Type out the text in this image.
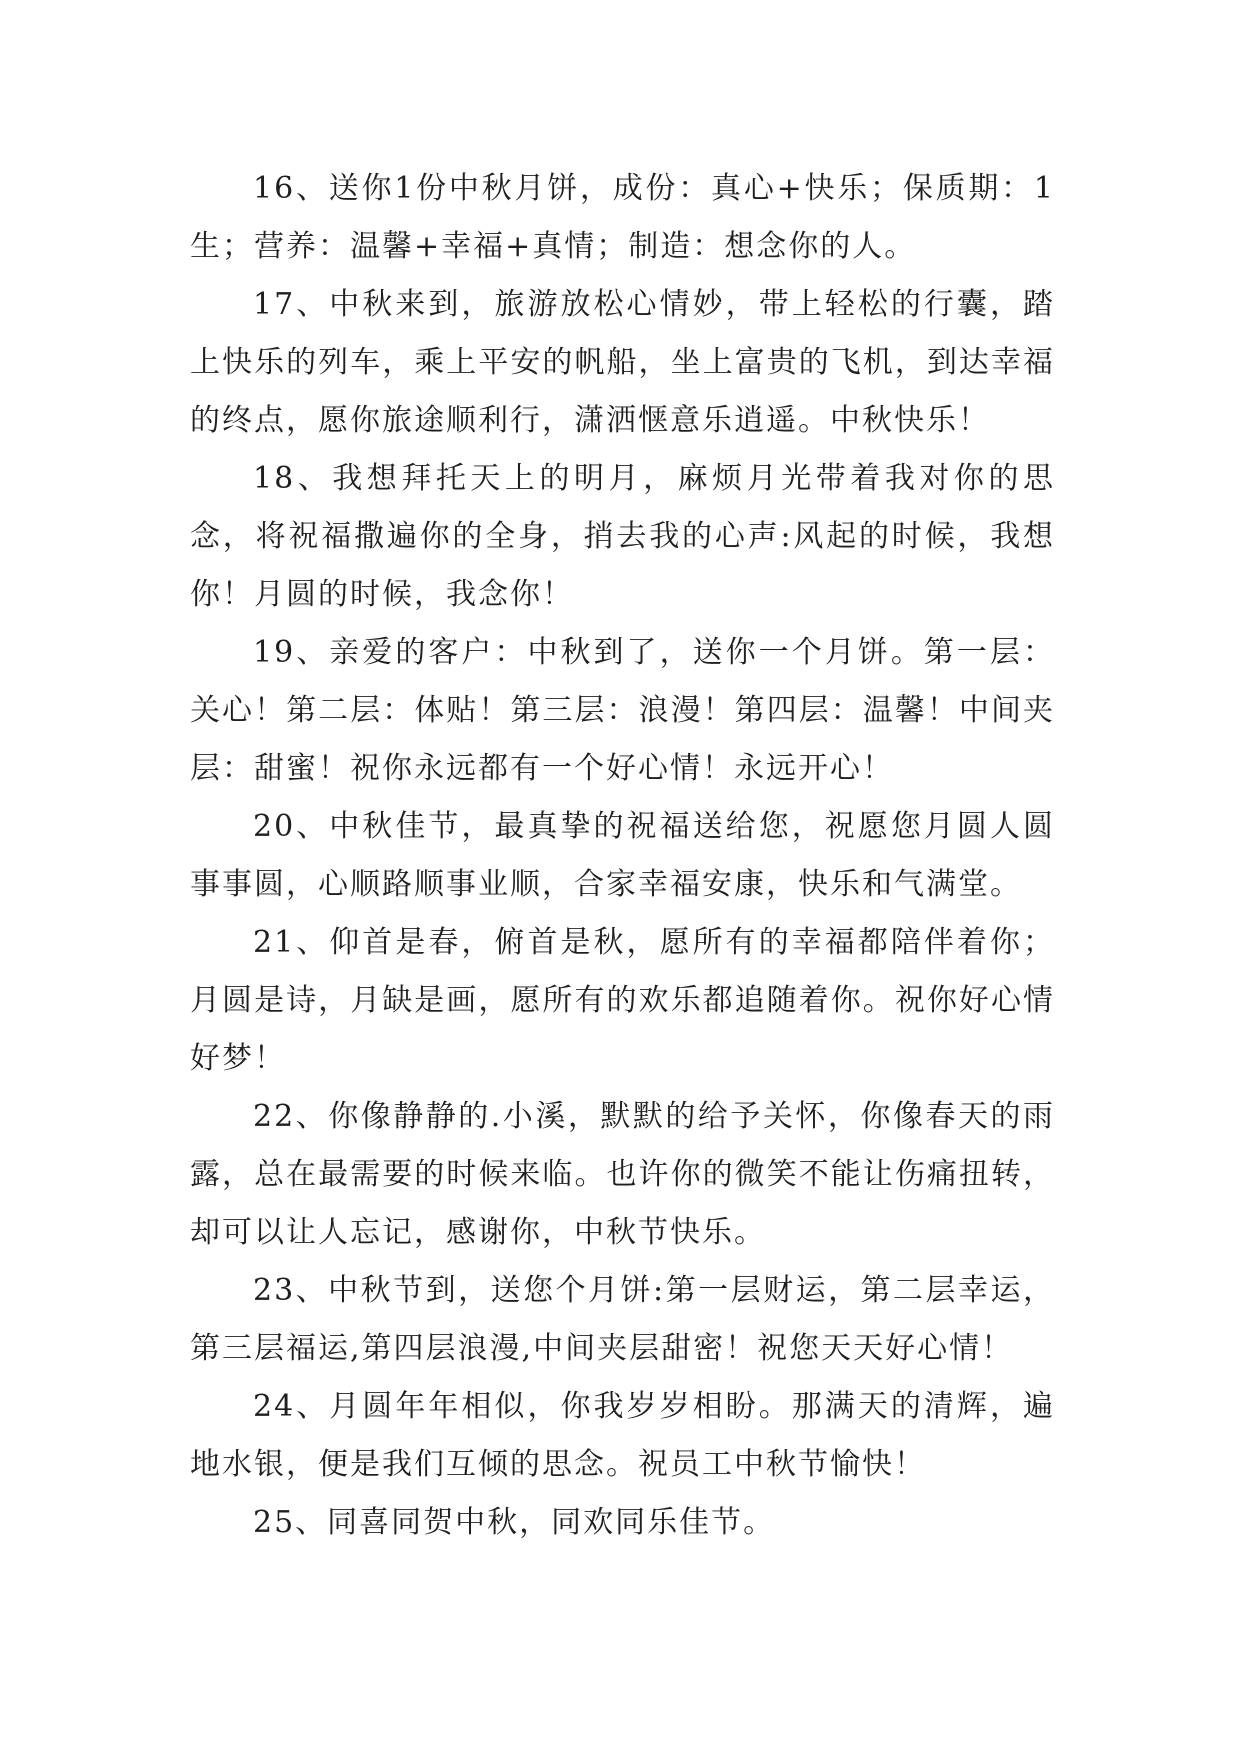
16、送你1份中秋月饼，成份：真心+快乐；保质期：1生；营养：温馨+幸福+真情；制造：想念你的人。

17、中秋来到，旅游放松心情妙，带上轻松的行囊，踏上快乐的列车，乘上平安的帆船，坐上富贵的飞机，到达幸福的终点，愿你旅途顺利行，潇洒惬意乐逍遥。中秋快乐！

18、我想拜托天上的明月，麻烦月光带着我对你的思念，将祝福撒遍你的全身，捎去我的心声:风起的时候，我想你！月圆的时候，我念你！

19、亲爱的客户：中秋到了，送你一个月饼。第一层：关心！第二层：体贴！第三层：浪漫！第四层：温馨！中间夹层：甜蜜！祝你永远都有一个好心情！永远开心！

20、中秋佳节，最真挚的祝福送给您，祝愿您月圆人圆事事圆，心顺路顺事业顺，合家幸福安康，快乐和气满堂。

21、仰首是春，俯首是秋，愿所有的幸福都陪伴着你；月圆是诗，月缺是画，愿所有的欢乐都追随着你。祝你好心情好梦！

22、你像静静的.小溪，默默的给予关怀，你像春天的雨露，总在最需要的时候来临。也许你的微笑不能让伤痛扭转，却可以让人忘记，感谢你，中秋节快乐。

23、中秋节到，送您个月饼:第一层财运，第二层幸运，第三层福运,第四层浪漫,中间夹层甜密！祝您天天好心情！

24、月圆年年相似，你我岁岁相盼。那满天的清辉，遍地水银，便是我们互倾的思念。祝员工中秋节愉快！

25、同喜同贺中秋，同欢同乐佳节。
